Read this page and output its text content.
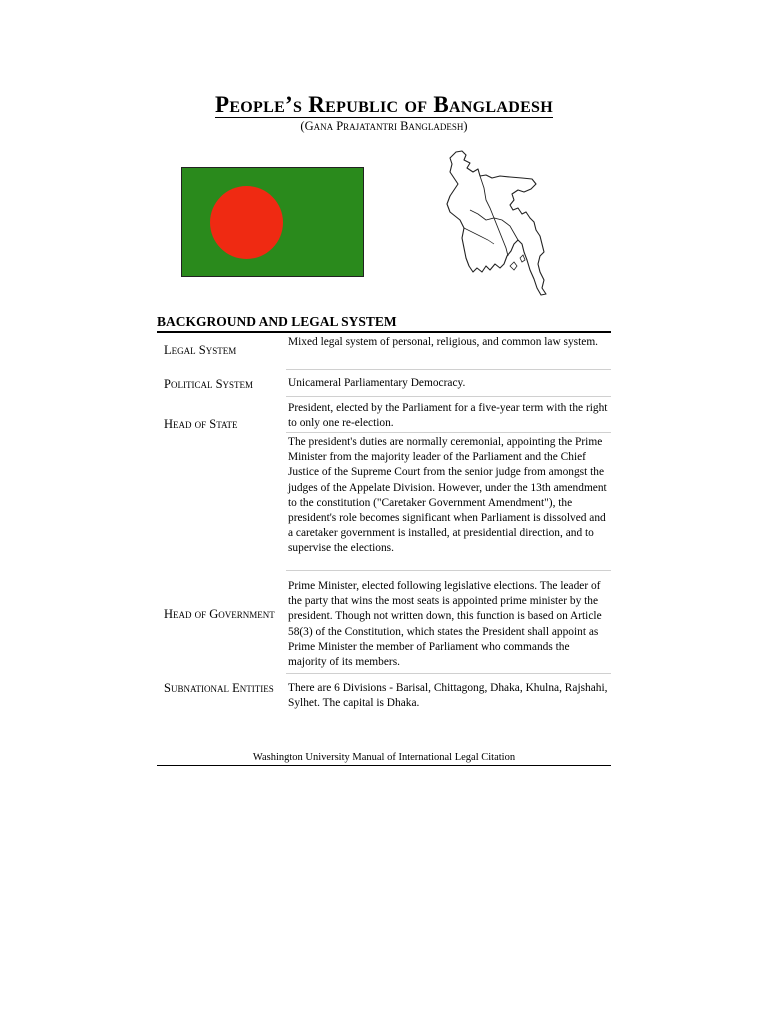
People’s Republic of Bangladesh
(Gana Prajatantri Bangladesh)
BACKGROUND AND LEGAL SYSTEM
Legal System
Mixed legal system of personal, religious, and common law system.
Political System	Unicameral Parliamentary Democracy.
Head of State
President, elected by the Parliament for a five-year term with the right to only one re-election.
The president's duties are normally ceremonial, appointing the Prime Minister from the majority leader of the Parliament and the Chief Justice of the Supreme Court from the senior judge from amongst the judges of the Appelate Division. However, under the 13th amendment to the constitution ("Caretaker Government Amendment"), the president's role becomes significant when Parliament is dissolved and a caretaker government is installed, at presidential direction, and to supervise the elections.
Head of Government
Prime Minister, elected following legislative elections. The leader of the party that wins the most seats is appointed prime minister by the president. Though not written down, this function is based on Article 58(3) of the Constitution, which states the President shall appoint as Prime Minister the member of Parliament who commands the majority of its members.
Subnational Entities	There are 6 Divisions - Barisal, Chittagong, Dhaka, Khulna, Rajshahi, Sylhet. The capital is Dhaka.
Washington University Manual of International Legal Citation
